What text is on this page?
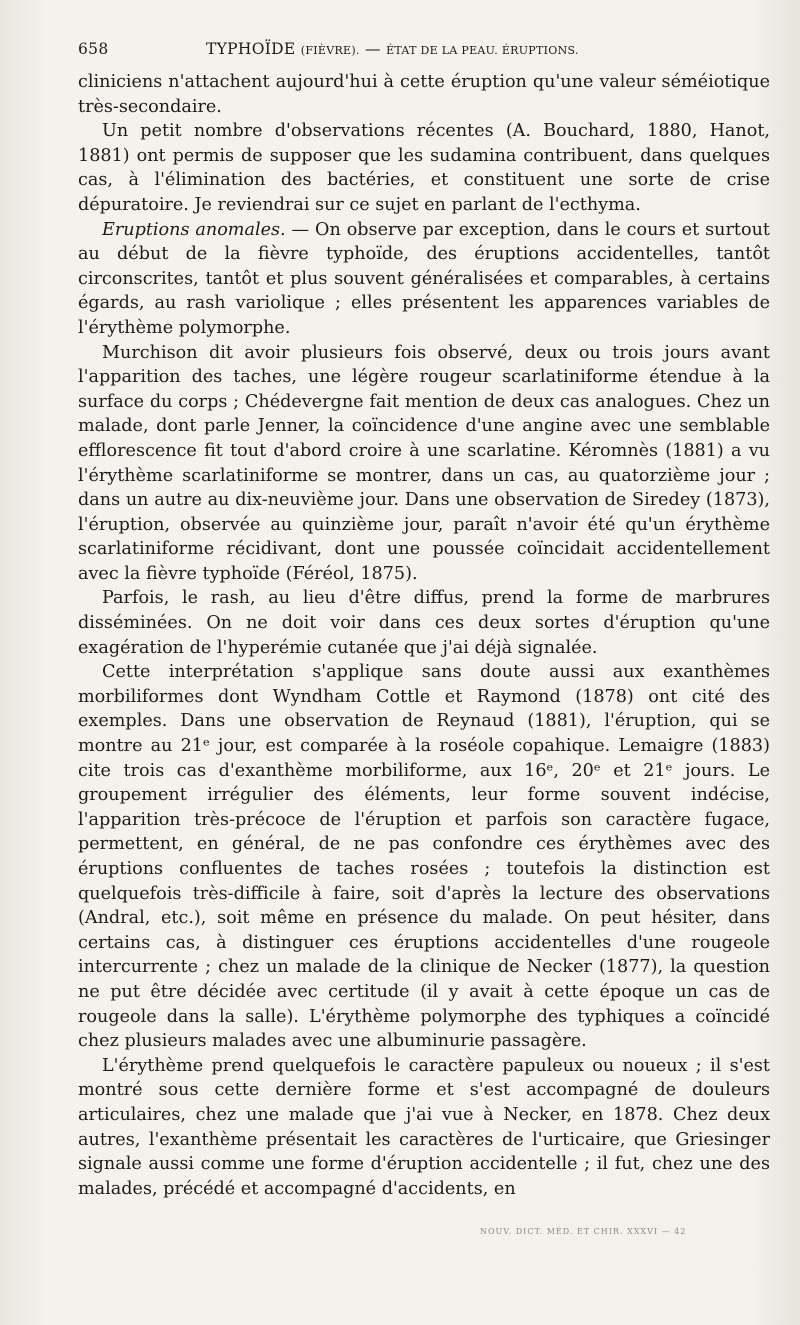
658	TYPHOÏDE (FIÈVRE). — ÉTAT DE LA PEAU. ÉRUPTIONS.

cliniciens n'attachent aujourd'hui à cette éruption qu'une valeur séméiotique très-secondaire.

Un petit nombre d'observations récentes (A. Bouchard, 1880, Hanot, 1881) ont permis de supposer que les sudamina contribuent, dans quelques cas, à l'élimination des bactéries, et constituent une sorte de crise dépuratoire. Je reviendrai sur ce sujet en parlant de l'ecthyma.

Eruptions anomales. — On observe par exception, dans le cours et surtout au début de la fièvre typhoïde, des éruptions accidentelles, tantôt circonscrites, tantôt et plus souvent généralisées et comparables, à certains égards, au rash variolique ; elles présentent les apparences variables de l'érythème polymorphe.

Murchison dit avoir plusieurs fois observé, deux ou trois jours avant l'apparition des taches, une légère rougeur scarlatiniforme étendue à la surface du corps ; Chédevergne fait mention de deux cas analogues. Chez un malade, dont parle Jenner, la coïncidence d'une angine avec une semblable efflorescence fit tout d'abord croire à une scarlatine. Kéromnès (1881) a vu l'érythème scarlatiniforme se montrer, dans un cas, au quatorzième jour ; dans un autre au dix-neuvième jour. Dans une observation de Siredey (1873), l'éruption, observée au quinzième jour, paraît n'avoir été qu'un érythème scarlatiniforme récidivant, dont une poussée coïncidait accidentellement avec la fièvre typhoïde (Féréol, 1875).

Parfois, le rash, au lieu d'être diffus, prend la forme de marbrures disséminées. On ne doit voir dans ces deux sortes d'éruption qu'une exagération de l'hyperémie cutanée que j'ai déjà signalée.

Cette interprétation s'applique sans doute aussi aux exanthèmes morbiliformes dont Wyndham Cottle et Raymond (1878) ont cité des exemples. Dans une observation de Reynaud (1881), l'éruption, qui se montre au 21ᵉ jour, est comparée à la roséole copahique. Lemaigre (1883) cite trois cas d'exanthème morbiliforme, aux 16ᵉ, 20ᵉ et 21ᵉ jours. Le groupement irrégulier des éléments, leur forme souvent indécise, l'apparition très-précoce de l'éruption et parfois son caractère fugace, permettent, en général, de ne pas confondre ces érythèmes avec des éruptions confluentes de taches rosées ; toutefois la distinction est quelquefois très-difficile à faire, soit d'après la lecture des observations (Andral, etc.), soit même en présence du malade. On peut hésiter, dans certains cas, à distinguer ces éruptions accidentelles d'une rougeole intercurrente ; chez un malade de la clinique de Necker (1877), la question ne put être décidée avec certitude (il y avait à cette époque un cas de rougeole dans la salle). L'érythème polymorphe des typhiques a coïncidé chez plusieurs malades avec une albuminurie passagère.

L'érythème prend quelquefois le caractère papuleux ou noueux ; il s'est montré sous cette dernière forme et s'est accompagné de douleurs articulaires, chez une malade que j'ai vue à Necker, en 1878. Chez deux autres, l'exanthème présentait les caractères de l'urticaire, que Griesinger signale aussi comme une forme d'éruption accidentelle ; il fut, chez une des malades, précédé et accompagné d'accidents, en

NOUV. DICT. MÉD. ET CHIR. XXXVI — 42
